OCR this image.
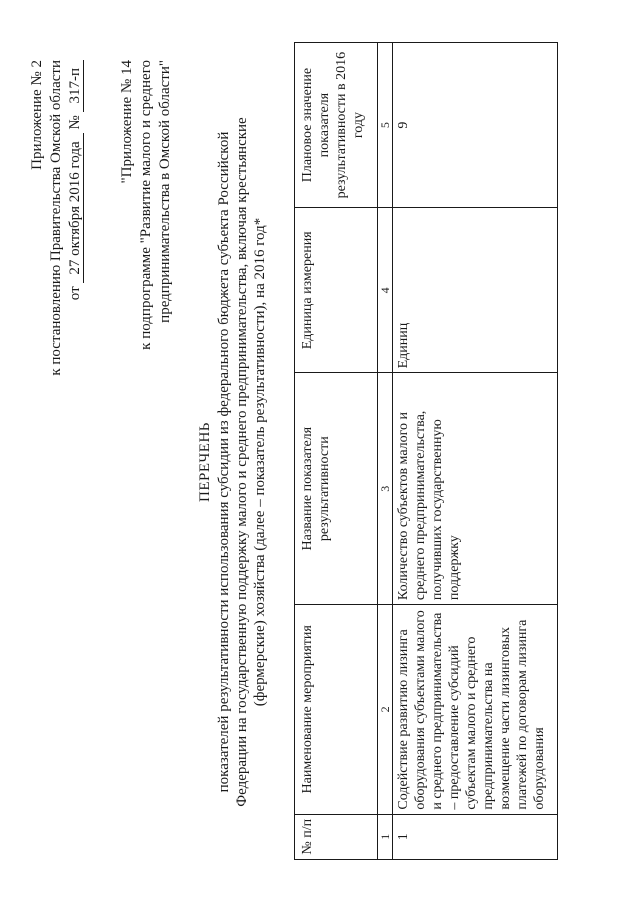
Приложение № 2 к постановлению Правительства Омской области от 27 октября 2016 года № 317-п "Приложение № 14 к подпрограмме "Развитие малого и среднего предпринимательства в Омской области"
ПЕРЕЧЕНЬ показателей результативности использования субсидии из федерального бюджета субъекта Российской Федерации на государственную поддержку малого и среднего предпринимательства, включая крестьянские (фермерские) хозяйства (далее – показатель результативности), на 2016 год*
№ п/п	Наименование мероприятия	Название показателя результативности	Единица измерения	Плановое значение показателя результативности в 2016 году
1	2	3	4	5
1	Содействие развитию лизинга оборудования субъектами малого и среднего предпринимательства – предоставление субсидий субъектам малого и среднего предпринимательства на возмещение части лизинговых платежей по договорам лизинга оборудования	Количество субъектов малого и среднего предпринимательства, получивших государственную поддержку	Единиц	9
